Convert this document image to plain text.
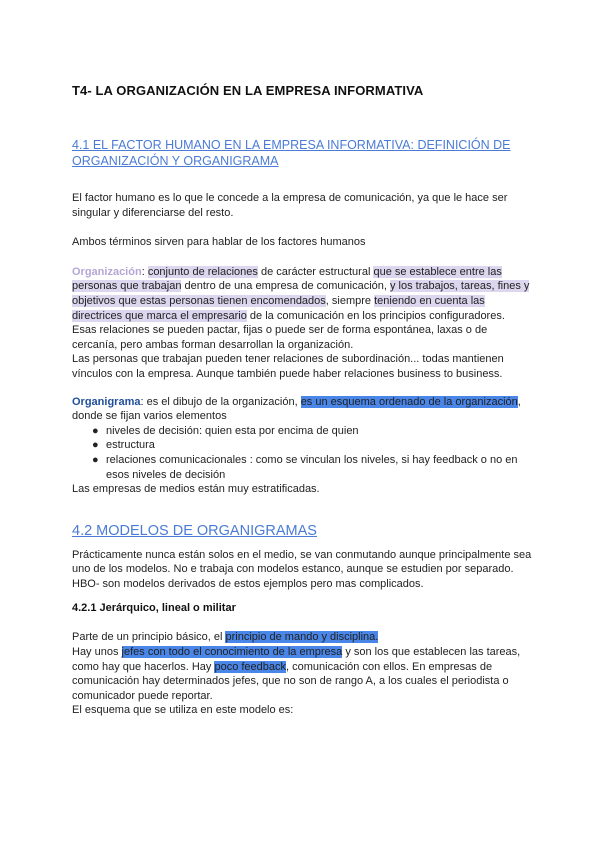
T4- LA ORGANIZACIÓN EN LA EMPRESA INFORMATIVA
4.1 EL FACTOR HUMANO EN LA EMPRESA INFORMATIVA: DEFINICIÓN DE ORGANIZACIÓN Y ORGANIGRAMA

El factor humano es lo que le concede a la empresa de comunicación, ya que le hace ser singular y diferenciarse del resto.

Ambos términos sirven para hablar de los factores humanos

Organización: conjunto de relaciones de carácter estructural que se establece entre las personas que trabajan dentro de una empresa de comunicación, y los trabajos, tareas, fines y objetivos que estas personas tienen encomendados, siempre teniendo en cuenta las directrices que marca el empresario de la comunicación en los principios configuradores.

Esas relaciones se pueden pactar, fijas o puede ser de forma espontánea, laxas o de cercanía, pero ambas forman desarrollan la organización.

Las personas que trabajan pueden tener relaciones de subordinación... todas mantienen vínculos con la empresa. Aunque también puede haber relaciones business to business.

Organigrama: es el dibujo de la organización, es un esquema ordenado de la organización, donde se fijan varios elementos

● niveles de decisión: quien esta por encima de quien
● estructura
● relaciones comunicacionales : como se vinculan los niveles, si hay feedback o no en esos niveles de decisión

Las empresas de medios están muy estratificadas.

4.2 MODELOS DE ORGANIGRAMAS

Prácticamente nunca están solos en el medio, se van conmutando aunque principalmente sea uno de los modelos. No e trabaja con modelos estanco, aunque se estudien por separado.

HBO- son modelos derivados de estos ejemplos pero mas complicados.

4.2.1 Jerárquico, lineal o militar

Parte de un principio básico, el principio de mando y disciplina.

Hay unos jefes con todo el conocimiento de la empresa y son los que establecen las tareas, como hay que hacerlos. Hay poco feedback, comunicación con ellos. En empresas de comunicación hay determinados jefes, que no son de rango A, a los cuales el periodista o comunicador puede reportar.

El esquema que se utiliza en este modelo es:
